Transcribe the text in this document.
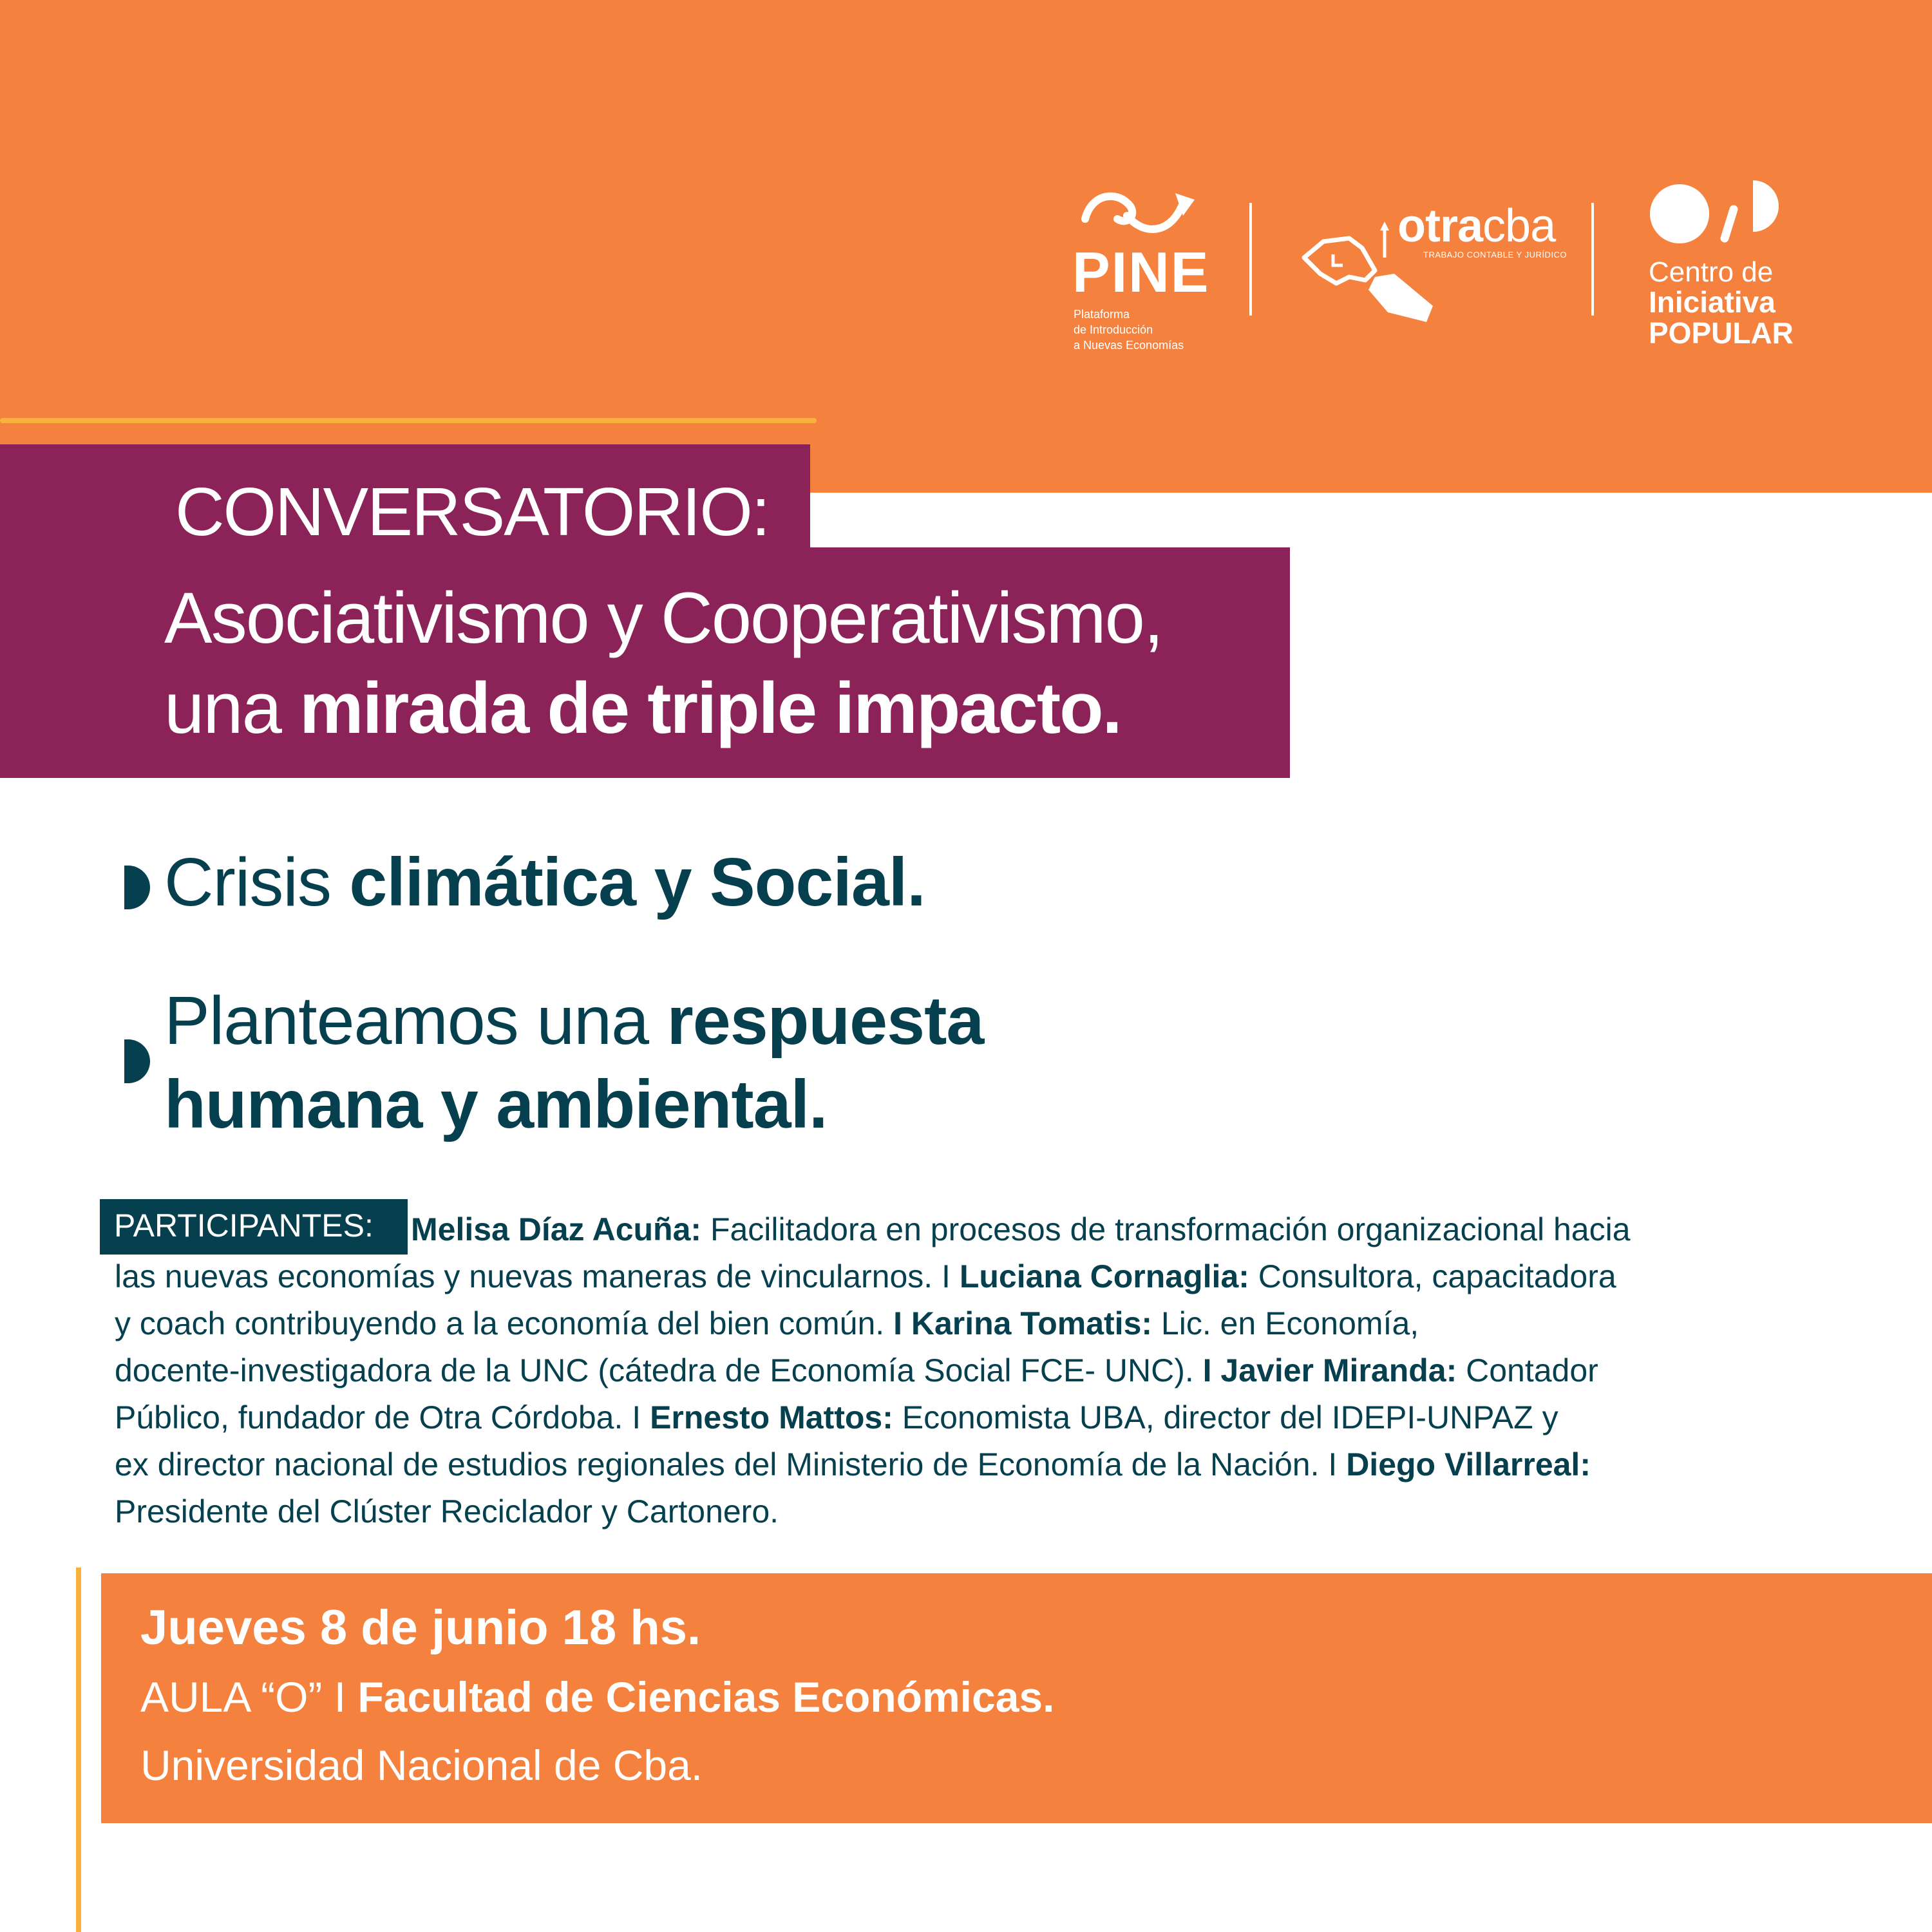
PINE
Plataforma
de Introducción
a Nuevas Economías
otracba
TRABAJO CONTABLE Y JURÍDICO
Centro de
Iniciativa
POPULAR
CONVERSATORIO:
Asociativismo y Cooperativismo,
una mirada de triple impacto.
Crisis climática y Social.
Planteamos una respuesta
humana y ambiental.
PARTICIPANTES: Melisa Díaz Acuña: Facilitadora en procesos de transformación organizacional hacia
las nuevas economías y nuevas maneras de vincularnos. I Luciana Cornaglia: Consultora, capacitadora
y coach contribuyendo a la economía del bien común. I Karina Tomatis: Lic. en Economía,
docente-investigadora de la UNC (cátedra de Economía Social FCE- UNC). I Javier Miranda: Contador
Público, fundador de Otra Córdoba. I Ernesto Mattos: Economista UBA, director del IDEPI-UNPAZ y
ex director nacional de estudios regionales del Ministerio de Economía de la Nación. I Diego Villarreal:
Presidente del Clúster Reciclador y Cartonero.
Jueves 8 de junio 18 hs.
AULA “O” I Facultad de Ciencias Económicas.
Universidad Nacional de Cba.
